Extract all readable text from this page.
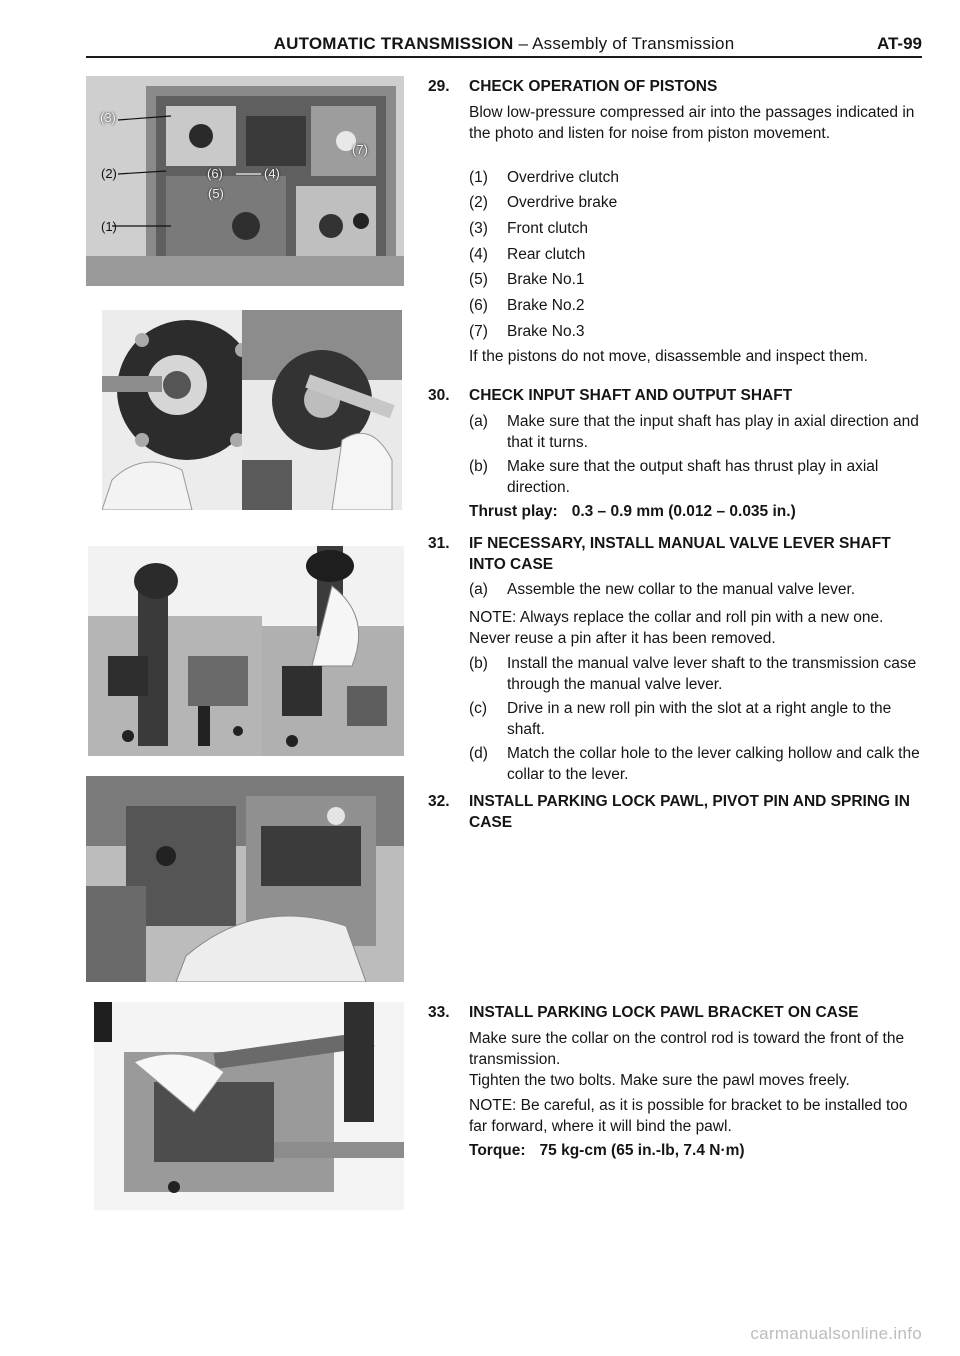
AUTOMATIC TRANSMISSION – Assembly of Transmission	AT-99
(3)
(2)
(1)
(6)
(5)
(4)
(7)
29. CHECK OPERATION OF PISTONS
Blow low-pressure compressed air into the passages indicated in the photo and listen for noise from piston movement.
(1) Overdrive clutch
(2) Overdrive brake
(3) Front clutch
(4) Rear clutch
(5) Brake No.1
(6) Brake No.2
(7) Brake No.3
If the pistons do not move, disassemble and inspect them.
30. CHECK INPUT SHAFT AND OUTPUT SHAFT
(a) Make sure that the input shaft has play in axial direction and that it turns.
(b) Make sure that the output shaft has thrust play in axial direction.
Thrust play: 0.3 – 0.9 mm (0.012 – 0.035 in.)
31. IF NECESSARY, INSTALL MANUAL VALVE LEVER SHAFT INTO CASE
(a) Assemble the new collar to the manual valve lever.
NOTE: Always replace the collar and roll pin with a new one. Never reuse a pin after it has been removed.
(b) Install the manual valve lever shaft to the transmission case through the manual valve lever.
(c) Drive in a new roll pin with the slot at a right angle to the shaft.
(d) Match the collar hole to the lever calking hollow and calk the collar to the lever.
32. INSTALL PARKING LOCK PAWL, PIVOT PIN AND SPRING IN CASE
33. INSTALL PARKING LOCK PAWL BRACKET ON CASE
Make sure the collar on the control rod is toward the front of the transmission.
Tighten the two bolts. Make sure the pawl moves freely.
NOTE: Be careful, as it is possible for bracket to be installed too far forward, where it will bind the pawl.
Torque: 75 kg-cm (65 in.-lb, 7.4 N·m)
carmanualsonline.info
